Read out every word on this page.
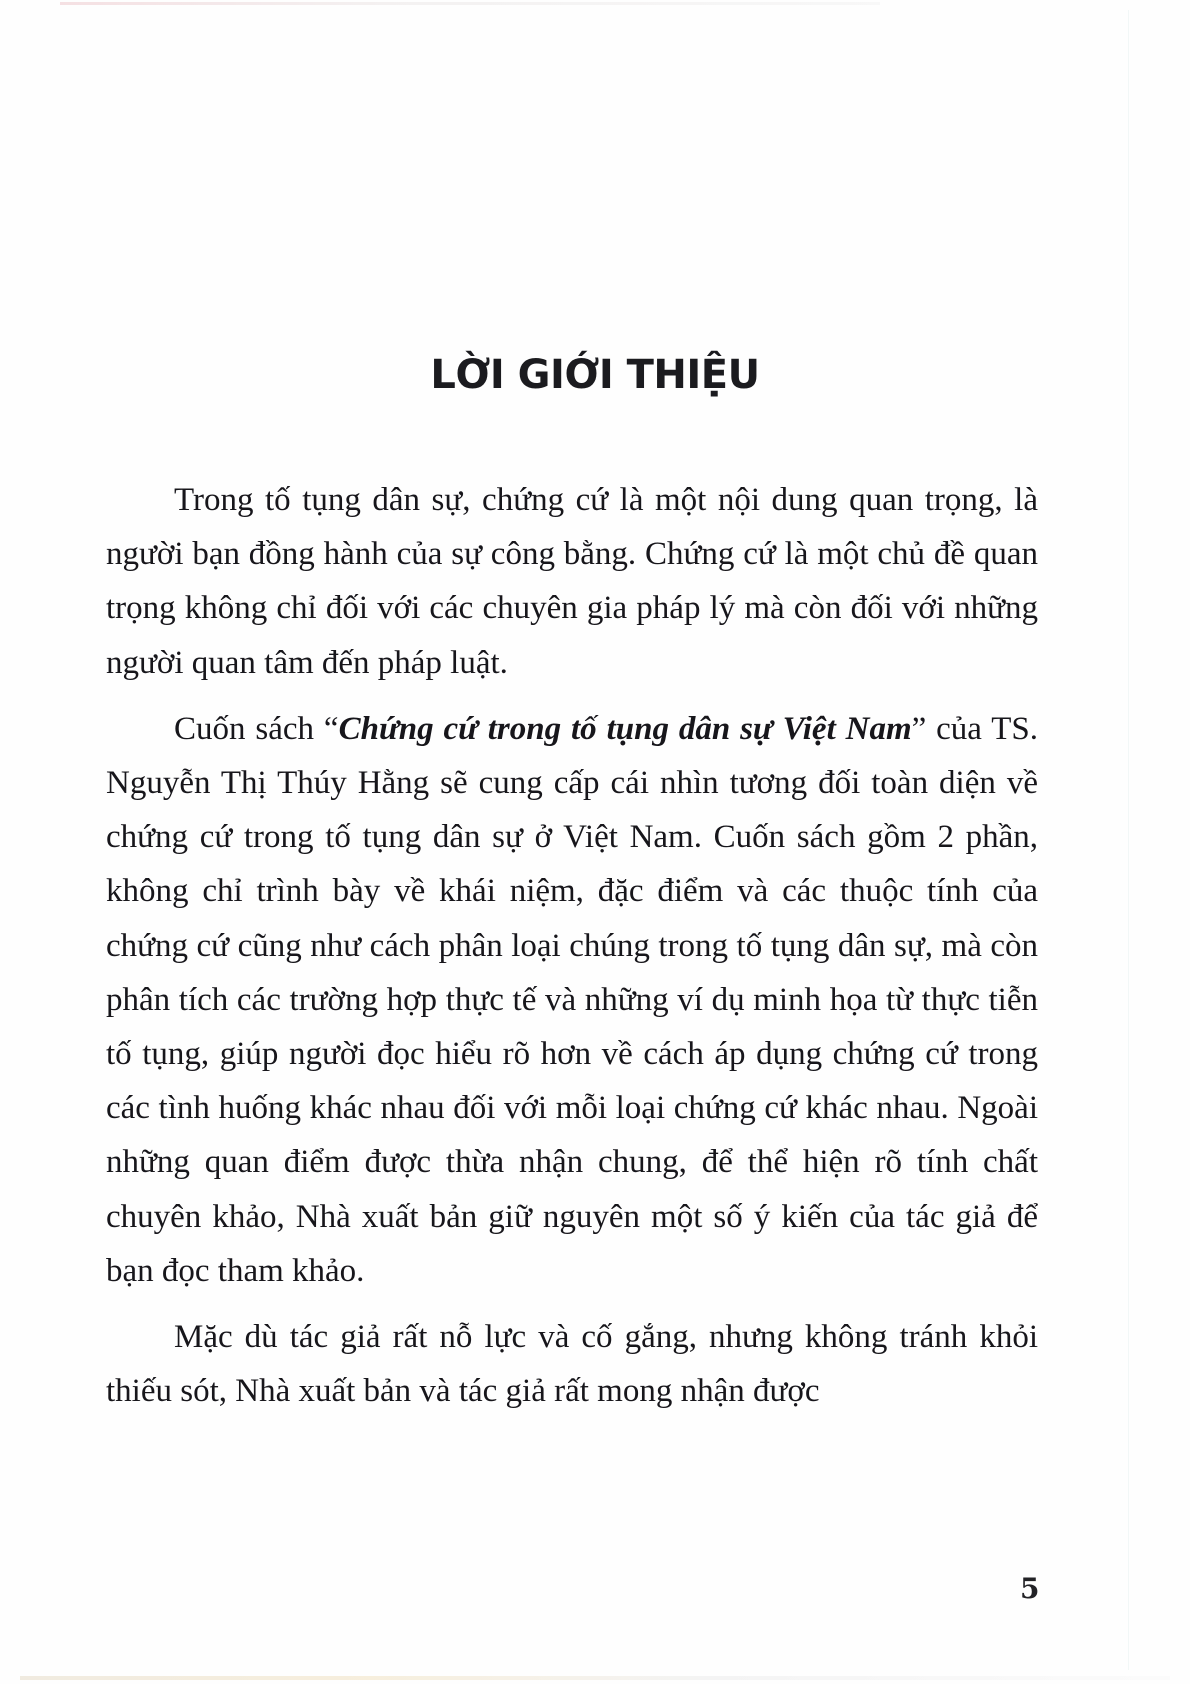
LỜI GIỚI THIỆU

Trong tố tụng dân sự, chứng cứ là một nội dung quan trọng, là người bạn đồng hành của sự công bằng. Chứng cứ là một chủ đề quan trọng không chỉ đối với các chuyên gia pháp lý mà còn đối với những người quan tâm đến pháp luật.

Cuốn sách “Chứng cứ trong tố tụng dân sự Việt Nam” của TS. Nguyễn Thị Thúy Hằng sẽ cung cấp cái nhìn tương đối toàn diện về chứng cứ trong tố tụng dân sự ở Việt Nam. Cuốn sách gồm 2 phần, không chỉ trình bày về khái niệm, đặc điểm và các thuộc tính của chứng cứ cũng như cách phân loại chúng trong tố tụng dân sự, mà còn phân tích các trường hợp thực tế và những ví dụ minh họa từ thực tiễn tố tụng, giúp người đọc hiểu rõ hơn về cách áp dụng chứng cứ trong các tình huống khác nhau đối với mỗi loại chứng cứ khác nhau. Ngoài những quan điểm được thừa nhận chung, để thể hiện rõ tính chất chuyên khảo, Nhà xuất bản giữ nguyên một số ý kiến của tác giả để bạn đọc tham khảo.

Mặc dù tác giả rất nỗ lực và cố gắng, nhưng không tránh khỏi thiếu sót, Nhà xuất bản và tác giả rất mong nhận được

5
